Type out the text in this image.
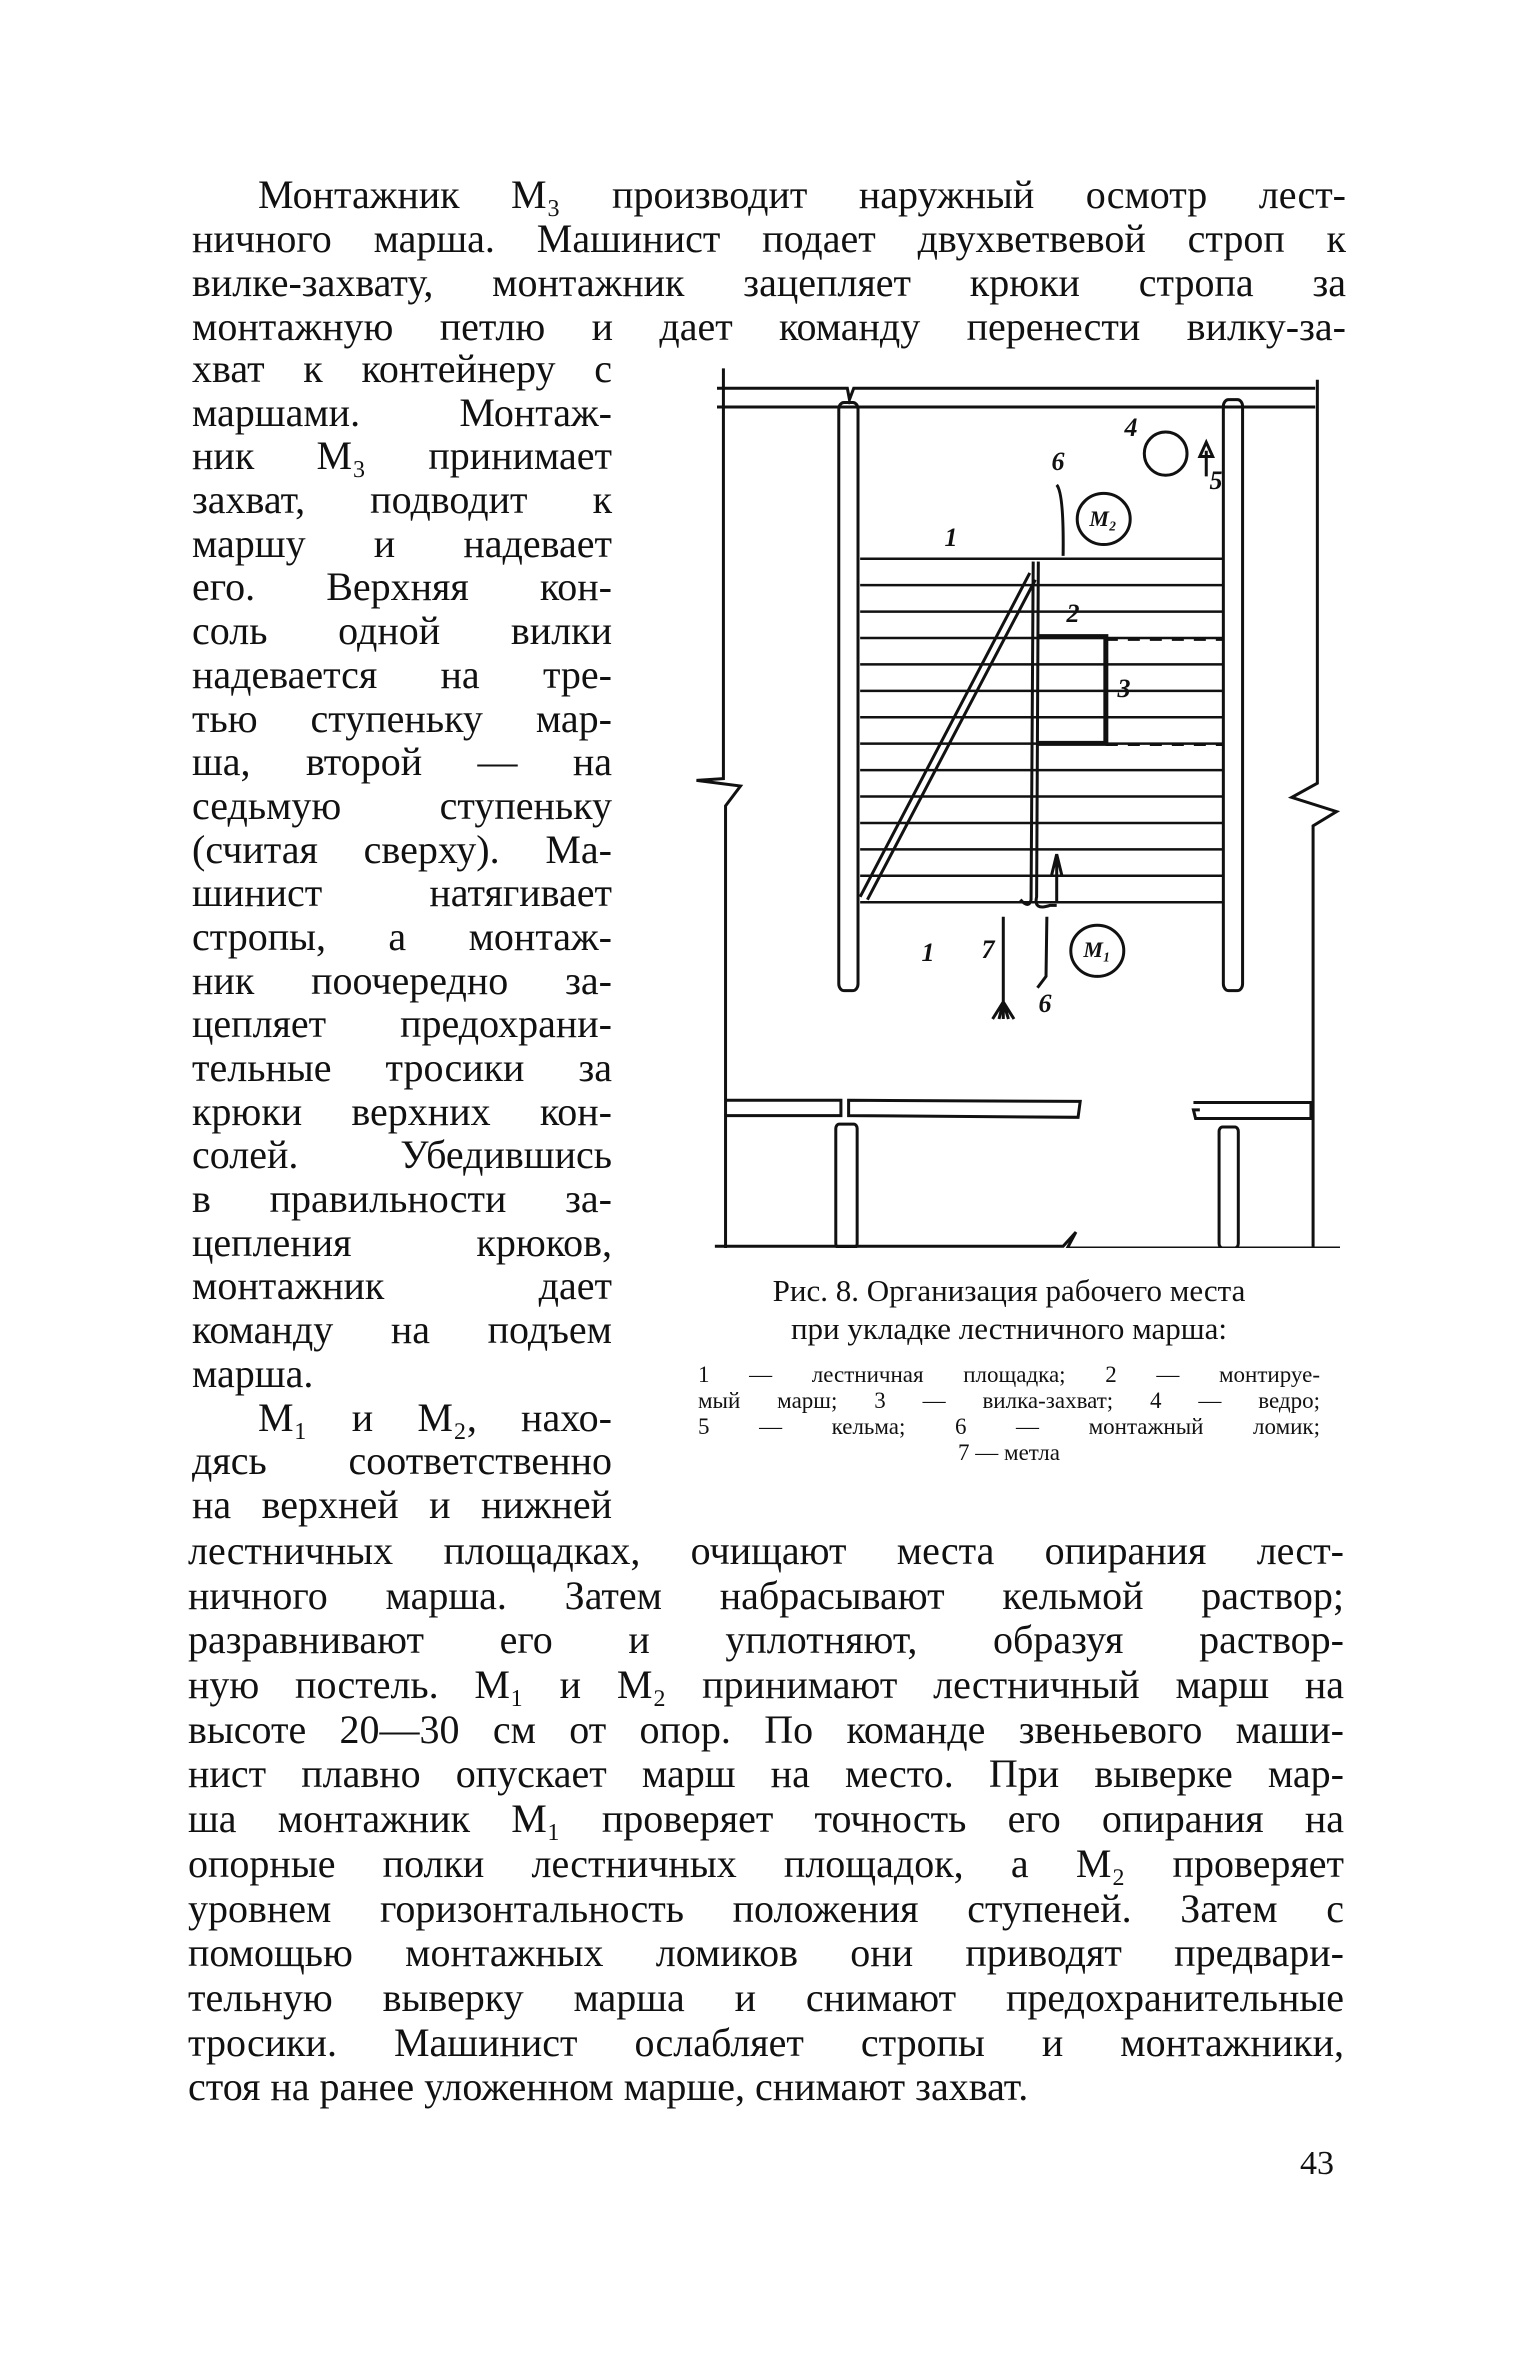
Монтажник М₃ производит наружный осмотр лест-
ничного марша. Машинист подает двухветвевой строп к
вилке-захвату, монтажник зацепляет крюки стропа за
монтажную петлю и дает команду перенести вилку-за-
хват к контейнеру с
маршами. Монтаж-
ник М₃ принимает
захват, подводит к
маршу и надевает
его. Верхняя кон-
соль одной вилки
надевается на тре-
тью ступеньку мар-
ша, второй — на
седьмую ступеньку
(считая сверху). Ма-
шинист натягивает
стропы, а монтаж-
ник поочередно за-
цепляет предохрани-
тельные тросики за
крюки верхних кон-
солей. Убедившись
в правильности за-
цепления крюков,
монтажник дает
команду на подъем
марша.
М₁ и М₂, нахо-
дясь соответственно
на верхней и нижней
лестничных площадках, очищают места опирания лест-
ничного марша. Затем набрасывают кельмой раствор;
разравнивают его и уплотняют, образуя раствор-
ную постель. М₁ и М₂ принимают лестничный марш на
высоте 20—30 см от опор. По команде звеньевого маши-
нист плавно опускает марш на место. При выверке мар-
ша монтажник М₁ проверяет точность его опирания на
опорные полки лестничных площадок, а М₂ проверяет
уровнем горизонтальность положения ступеней. Затем с
помощью монтажных ломиков они приводят предвари-
тельную выверку марша и снимают предохранительные
тросики. Машинист ослабляет стропы и монтажники,
стоя на ранее уложенном марше, снимают захват.
1
6
4
5
2
3
1 7
6
М₂
М₁
Рис. 8. Организация рабочего места
при укладке лестничного марша:
1 — лестничная площадка; 2 — монтируе-
мый марш; 3 — вилка-захват; 4 — ведро;
5 — кельма; 6 — монтажный ломик;
7 — метла
43
